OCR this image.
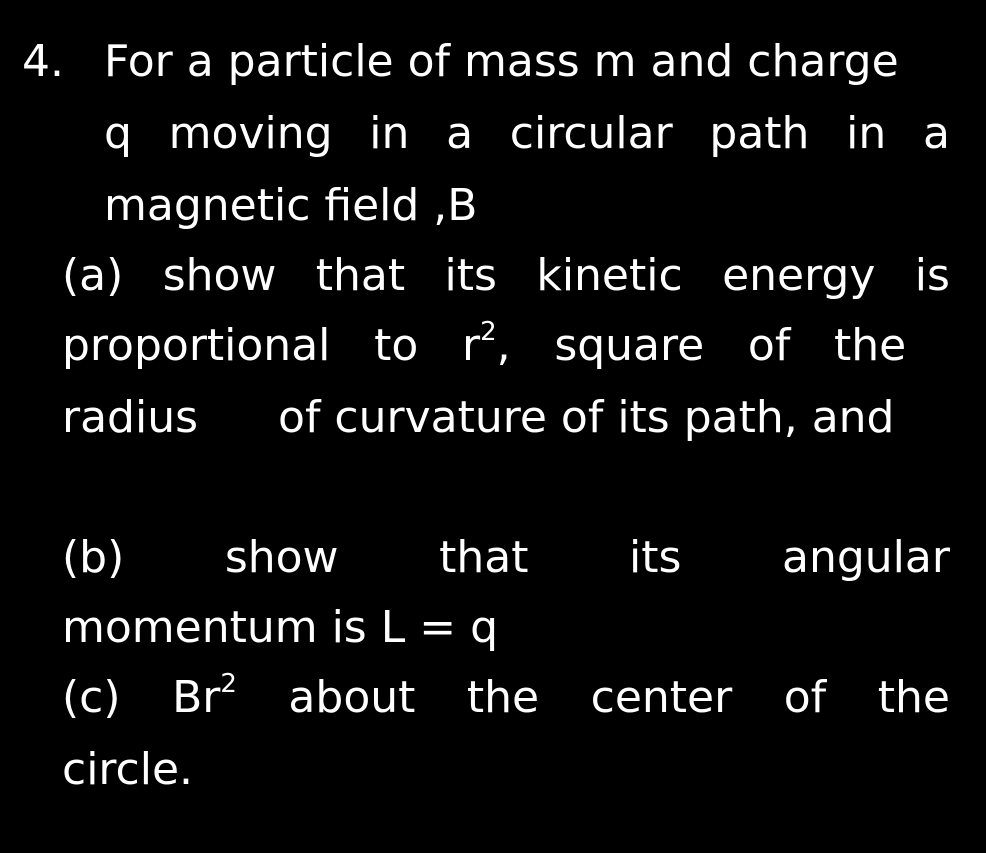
4. For a particle of mass m and charge
q moving in a circular path in a
magnetic field ,B
(a) show that its kinetic energy is
proportional to $r^2$, square of the
radius of curvature of its path, and
(b) show that its angular
momentum is L = q
(c) Br$^2$ about the center of the
circle.
